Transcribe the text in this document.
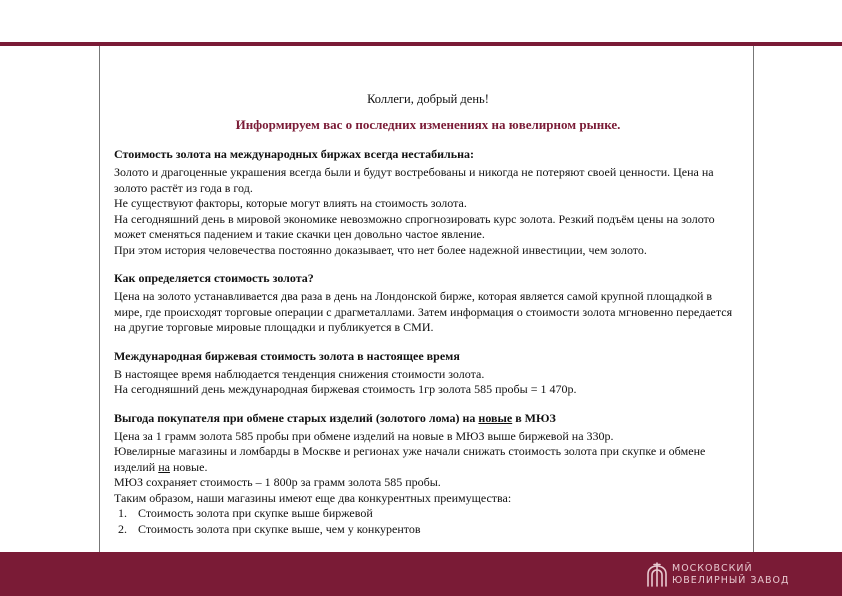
Коллеги, добрый день!

Информируем вас о последних изменениях на ювелирном рынке.

Стоимость золота на международных биржах всегда нестабильна:

Золото и драгоценные украшения всегда были и будут востребованы и никогда не потеряют своей ценности. Цена на золото растёт из года в год.

Не существуют факторы, которые могут влиять на стоимость золота.

На сегодняшний день в мировой экономике невозможно спрогнозировать курс золота. Резкий подъём цены на золото может сменяться падением и такие скачки цен довольно частое явление.

При этом история человечества постоянно доказывает, что нет более надежной инвестиции, чем золото.

Как определяется стоимость золота?

Цена на золото устанавливается два раза в день на Лондонской бирже, которая является самой крупной площадкой в мире, где происходят торговые операции с драгметаллами. Затем информация о стоимости золота мгновенно передается на другие торговые мировые площадки и публикуется в СМИ.

Международная биржевая стоимость золота в настоящее время

В настоящее время наблюдается тенденция снижения стоимости золота.

На сегодняшний день международная биржевая стоимость 1гр золота 585 пробы = 1 470р.

Выгода покупателя при обмене старых изделий (золотого лома) на новые в МЮЗ

Цена за 1 грамм золота 585 пробы при обмене изделий на новые в МЮЗ выше биржевой на 330р.

Ювелирные магазины и ломбарды в Москве и регионах уже начали снижать стоимость золота при скупке и обмене изделий на новые.

МЮЗ сохраняет стоимость – 1 800р за грамм золота 585 пробы.

Таким образом, наши магазины имеют еще два конкурентных преимущества:

1. Стоимость золота при скупке выше биржевой
2. Стоимость золота при скупке выше, чем у конкурентов
МОСКОВСКИЙ
ЮВЕЛИРНЫЙ ЗАВОД
